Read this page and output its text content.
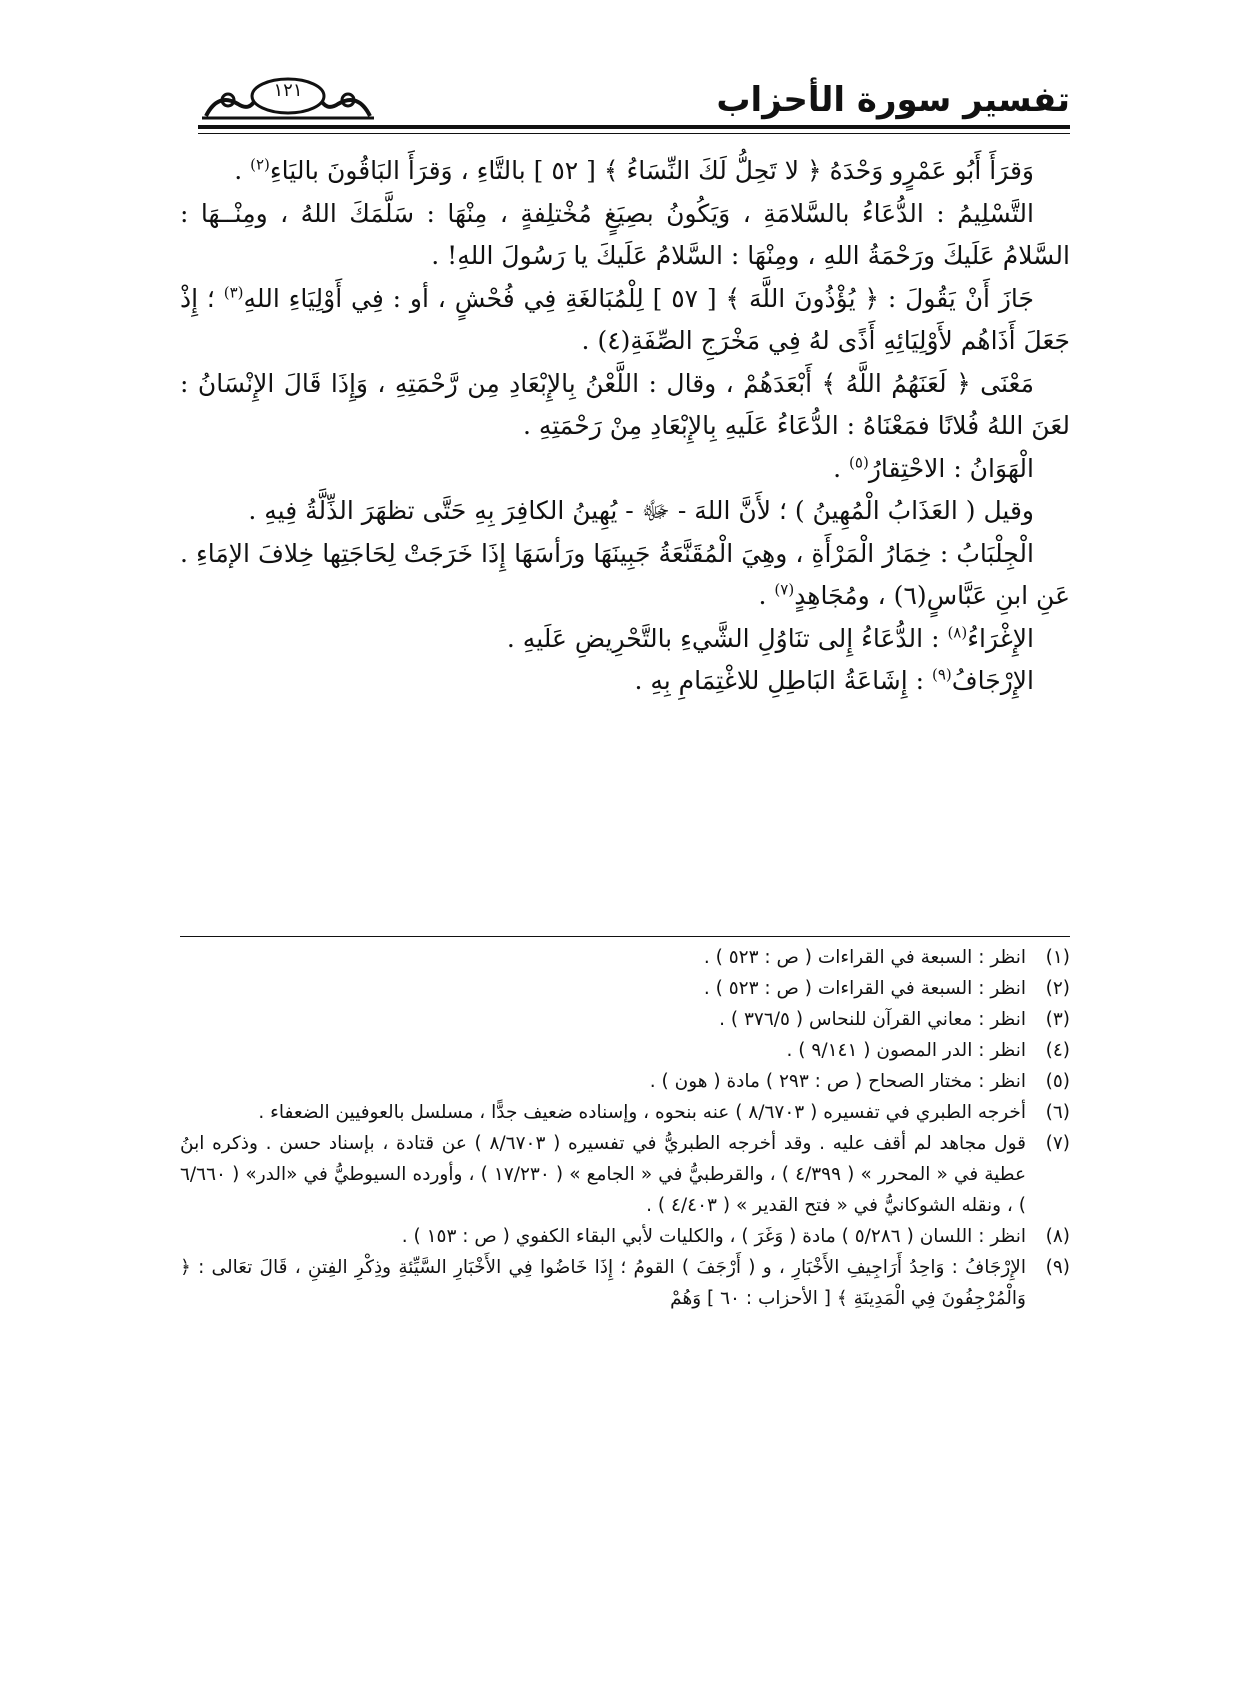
تفسير سورة الأحزاب
١٢١

وَقرَأَ أَبُو عَمْرٍو وَحْدَهُ ﴿ لا تَحِلُّ لَكَ النِّسَاءُ ﴾ [ ٥٢ ] بالتَّاءِ ، وَقرَأَ البَاقُونَ باليَاءِ$^{(٢)}$ .

التَّسْلِيمُ : الدُّعَاءُ بالسَّلامَةِ ، وَيَكُونُ بصِيَغٍ مُخْتلِفةٍ ، مِنْهَا : سَلَّمَكَ اللهُ ، ومِنْــهَا : السَّلامُ عَلَيكَ ورَحْمَةُ اللهِ ، ومِنْهَا : السَّلامُ عَلَيكَ يا رَسُولَ اللهِ! .

جَازَ أَنْ يَقُولَ : ﴿ يُؤْذُونَ اللَّهَ ﴾ [ ٥٧ ] لِلْمُبَالغَةِ فِي فُحْشٍ ، أو : فِي أَوْلِيَاءِ اللهِ$^{(٣)}$ ؛ إِذْ جَعَلَ أَذَاهُم لأَوْلِيَائِهِ أَذًى لهُ فِي مَخْرَجِ الصِّفَةِ(٤) .

مَعْنَى ﴿ لَعَنَهُمُ اللَّهُ ﴾ أَبْعَدَهُمْ ، وقال : اللَّعْنُ بِالإِبْعَادِ مِن رَّحْمَتِهِ ، وَإِذَا قَالَ الإِنْسَانُ : لعَنَ اللهُ فُلانًا فمَعْنَاهُ : الدُّعَاءُ عَلَيهِ بِالإِبْعَادِ مِنْ رَحْمَتِهِ .

الْهَوَانُ : الاحْتِقارُ$^{(٥)}$ .

وقيل ( العَذَابُ الْمُهِينُ ) ؛ لأَنَّ اللهَ - ﷻ - يُهِينُ الكافِرَ بِهِ حَتَّى تظهَرَ الذِّلَّةُ فِيهِ .

الْجِلْبَابُ : خِمَارُ الْمَرْأَةِ ، وهِيَ الْمُقَنَّعَةُ جَبِينَهَا ورَأسَهَا إِذَا خَرَجَتْ لِحَاجَتِها خِلافَ الإمَاءِ . عَنِ ابنِ عَبَّاسٍ(٦) ، ومُجَاهِدٍ$^{(٧)}$ .

الإِغْرَاءُ$^{(٨)}$ : الدُّعَاءُ إِلى تنَاوُلِ الشَّيءِ بالتَّحْرِيضِ عَلَيهِ .

الإِرْجَافُ$^{(٩)}$ : إِشَاعَةُ البَاطِلِ للاغْتِمَامِ بِهِ .

(١)
انظر : السبعة في القراءات ( ص : ٥٢٣ ) .
(٢)
انظر : السبعة في القراءات ( ص : ٥٢٣ ) .
(٣)
انظر : معاني القرآن للنحاس ( ٣٧٦/٥ ) .
(٤)
انظر : الدر المصون ( ٩/١٤١ ) .
(٥)
انظر : مختار الصحاح ( ص : ٢٩٣ ) مادة ( هون ) .
(٦)
أخرجه الطبري في تفسيره ( ٨/٦٧٠٣ ) عنه بنحوه ، وإسناده ضعيف جدًّا ، مسلسل بالعوفيين الضعفاء .
(٧)
قول مجاهد لم أقف عليه . وقد أخرجه الطبريُّ في تفسيره ( ٨/٦٧٠٣ ) عن قتادة ، بإسناد حسن . وذكره ابنُ عطية في « المحرر » ( ٤/٣٩٩ ) ، والقرطبيُّ في « الجامع » ( ١٧/٢٣٠ ) ، وأورده السيوطيُّ في «الدر» ( ٦/٦٦٠ ) ، ونقله الشوكانيُّ في « فتح القدير » ( ٤/٤٠٣ ) .
(٨)
انظر : اللسان ( ٥/٢٨٦ ) مادة ( وَغَرَ ) ، والكليات لأبي البقاء الكفوي ( ص : ١٥٣ ) .
(٩)
الإِرْجَافُ : وَاحِدُ أَرَاجِيفِ الأَخْبَارِ ، و ( أَرْجَفَ ) القومُ ؛ إِذَا خَاضُوا فِي الأَخْبَارِ السَّيِّئةِ وذِكْرِ الفِتنِ ، قَالَ تعَالى : ﴿ وَالْمُرْجِفُونَ فِي الْمَدِينَةِ ﴾ [ الأحزاب : ٦٠ ] وَهُمْ
